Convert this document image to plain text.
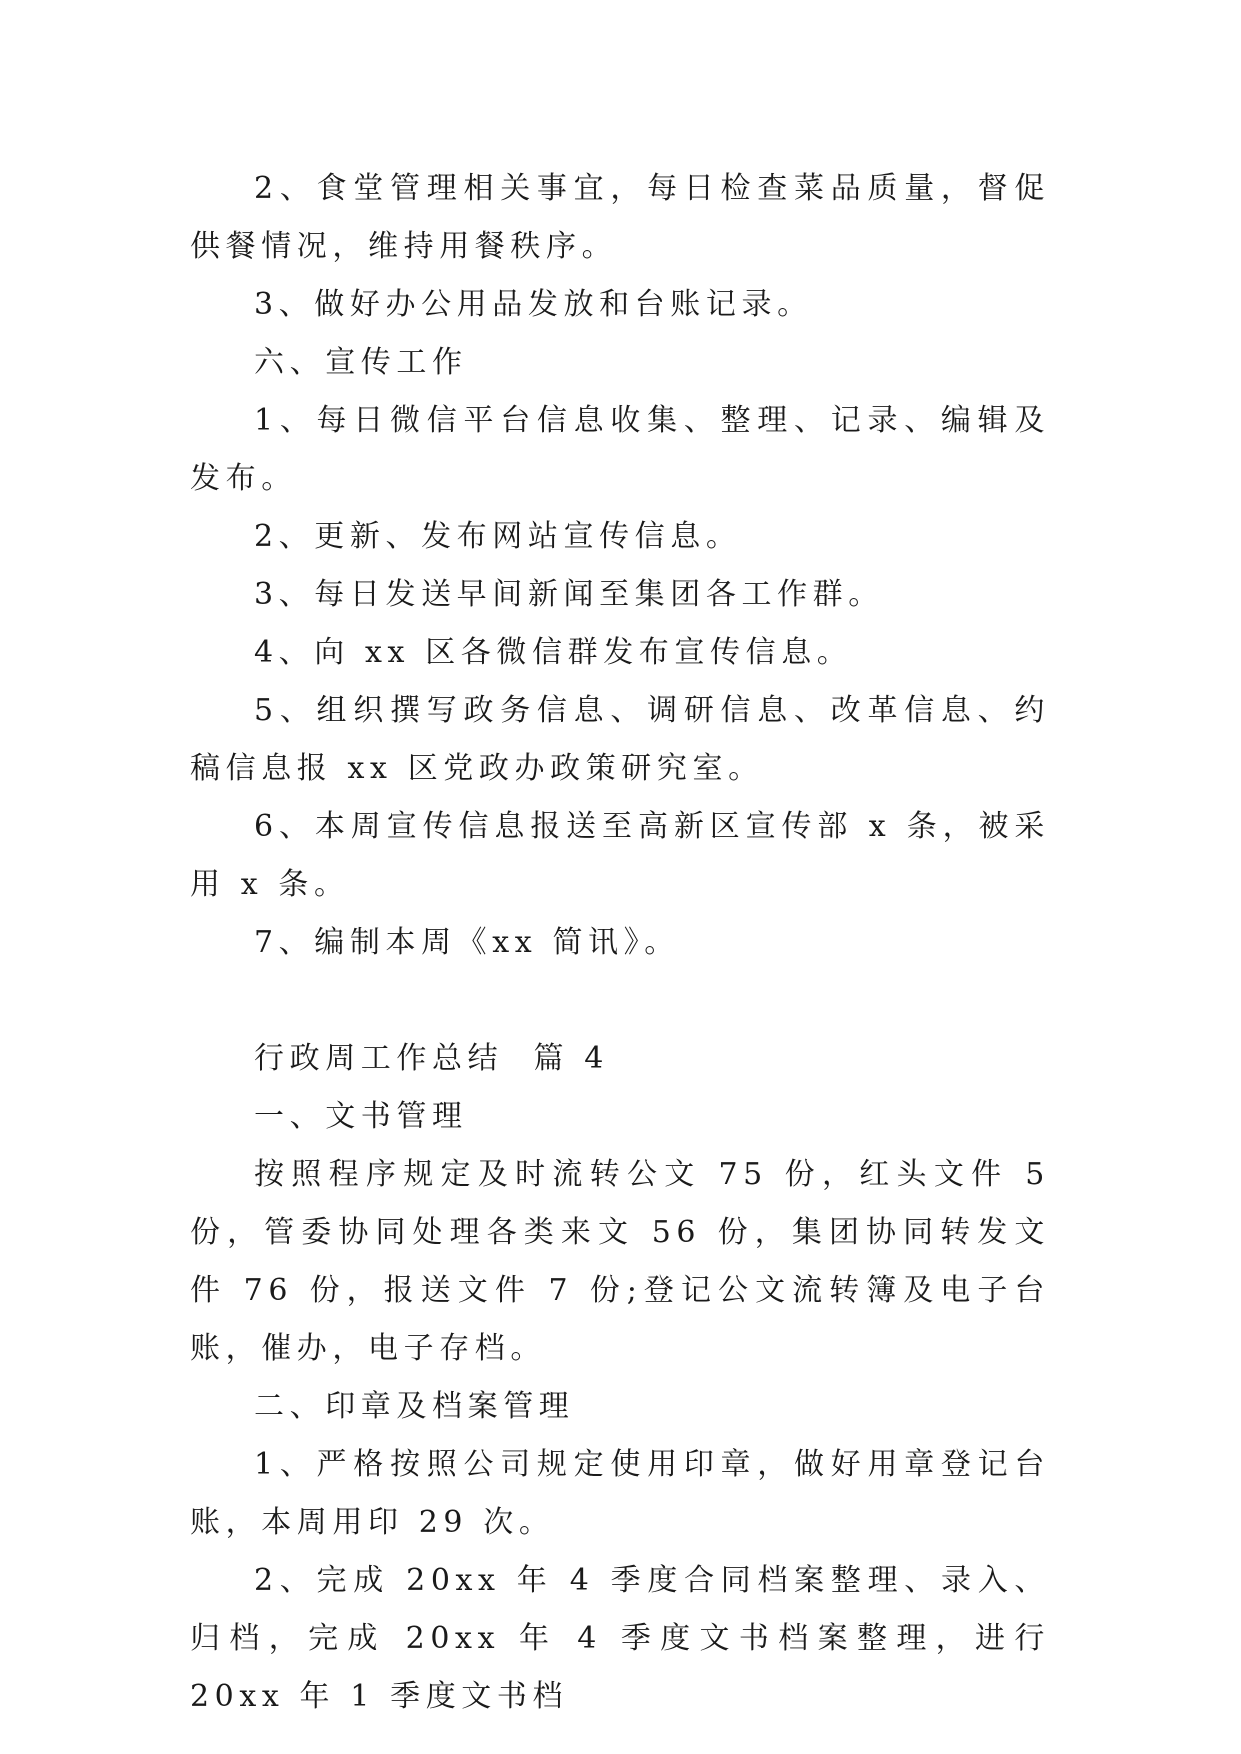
2、食堂管理相关事宜，每日检查菜品质量，督促供餐情况，维持用餐秩序。

3、做好办公用品发放和台账记录。

六、宣传工作

1、每日微信平台信息收集、整理、记录、编辑及发布。

2、更新、发布网站宣传信息。

3、每日发送早间新闻至集团各工作群。

4、向 xx 区各微信群发布宣传信息。

5、组织撰写政务信息、调研信息、改革信息、约稿信息报 xx 区党政办政策研究室。

6、本周宣传信息报送至高新区宣传部 x 条，被采用 x 条。

7、编制本周《xx 简讯》。

行政周工作总结  篇 4

一、文书管理

按照程序规定及时流转公文 75 份，红头文件 5 份，管委协同处理各类来文 56 份，集团协同转发文件 76 份，报送文件 7 份;登记公文流转簿及电子台账，催办，电子存档。

二、印章及档案管理

1、严格按照公司规定使用印章，做好用章登记台账，本周用印 29 次。

2、完成 20xx 年 4 季度合同档案整理、录入、归档，完成 20xx 年 4 季度文书档案整理，进行 20xx 年 1 季度文书档
